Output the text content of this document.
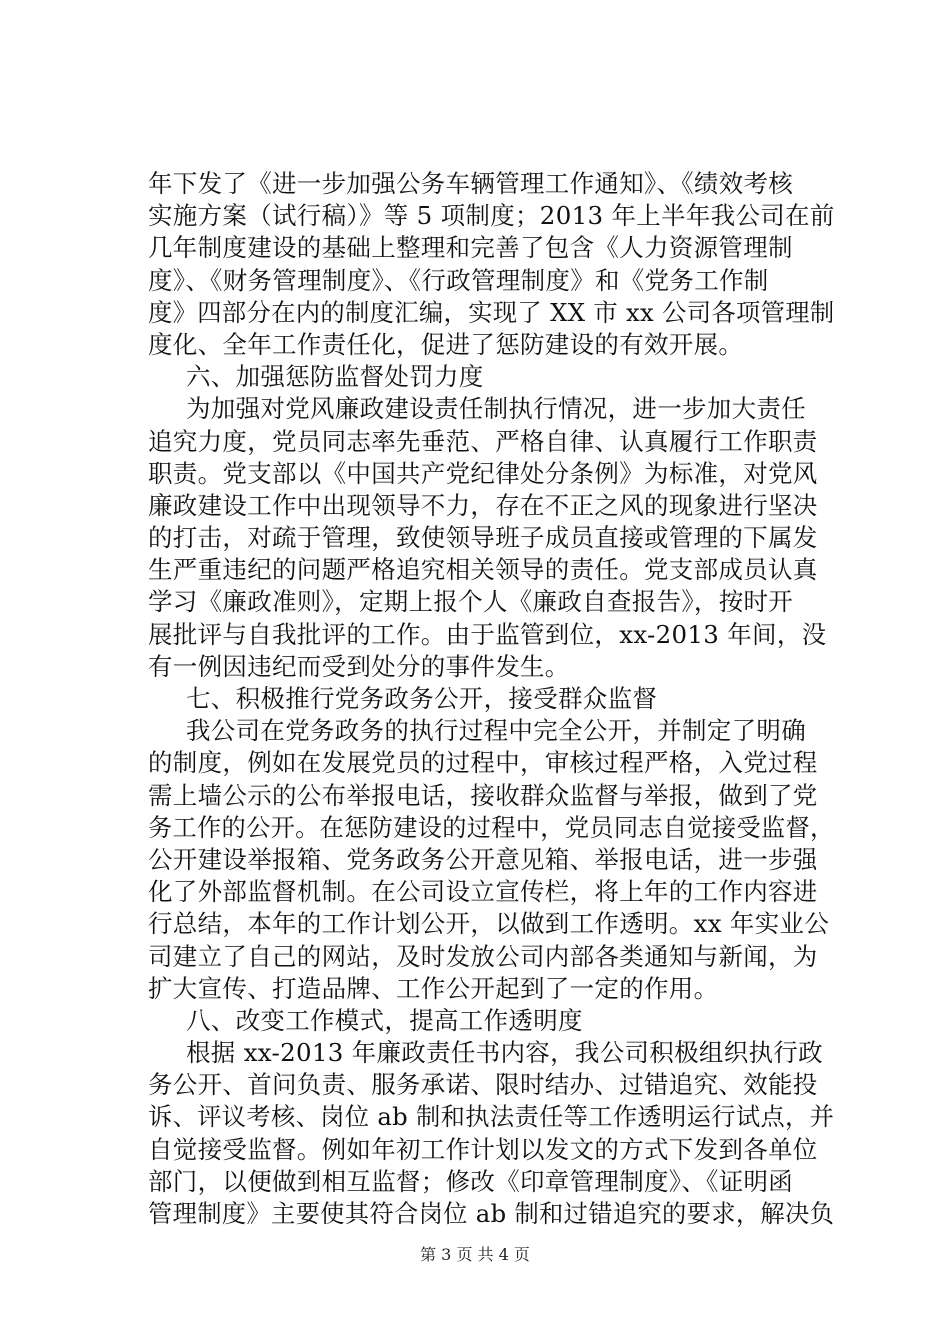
年下发了《进一步加强公务车辆管理工作通知》、《绩效考核
实施方案（试行稿）》等 5 项制度；2013 年上半年我公司在前
几年制度建设的基础上整理和完善了包含《人力资源管理制
度》、《财务管理制度》、《行政管理制度》和《党务工作制
度》四部分在内的制度汇编，实现了 XX 市 xx 公司各项管理制
度化、全年工作责任化，促进了惩防建设的有效开展。
六、加强惩防监督处罚力度
为加强对党风廉政建设责任制执行情况，进一步加大责任
追究力度，党员同志率先垂范、严格自律、认真履行工作职责
职责。党支部以《中国共产党纪律处分条例》为标准，对党风
廉政建设工作中出现领导不力，存在不正之风的现象进行坚决
的打击，对疏于管理，致使领导班子成员直接或管理的下属发
生严重违纪的问题严格追究相关领导的责任。党支部成员认真
学习《廉政准则》，定期上报个人《廉政自查报告》，按时开
展批评与自我批评的工作。由于监管到位，xx-2013 年间，没
有一例因违纪而受到处分的事件发生。
七、积极推行党务政务公开，接受群众监督
我公司在党务政务的执行过程中完全公开，并制定了明确
的制度，例如在发展党员的过程中，审核过程严格，入党过程
需上墙公示的公布举报电话，接收群众监督与举报，做到了党
务工作的公开。在惩防建设的过程中，党员同志自觉接受监督，
公开建设举报箱、党务政务公开意见箱、举报电话，进一步强
化了外部监督机制。在公司设立宣传栏，将上年的工作内容进
行总结，本年的工作计划公开，以做到工作透明。xx 年实业公
司建立了自己的网站，及时发放公司内部各类通知与新闻，为
扩大宣传、打造品牌、工作公开起到了一定的作用。
八、改变工作模式，提高工作透明度
根据 xx-2013 年廉政责任书内容，我公司积极组织执行政
务公开、首问负责、服务承诺、限时结办、过错追究、效能投
诉、评议考核、岗位 ab 制和执法责任等工作透明运行试点，并
自觉接受监督。例如年初工作计划以发文的方式下发到各单位
部门，以便做到相互监督；修改《印章管理制度》、《证明函
管理制度》主要使其符合岗位 ab 制和过错追究的要求，解决负
第 3 页 共 4 页
